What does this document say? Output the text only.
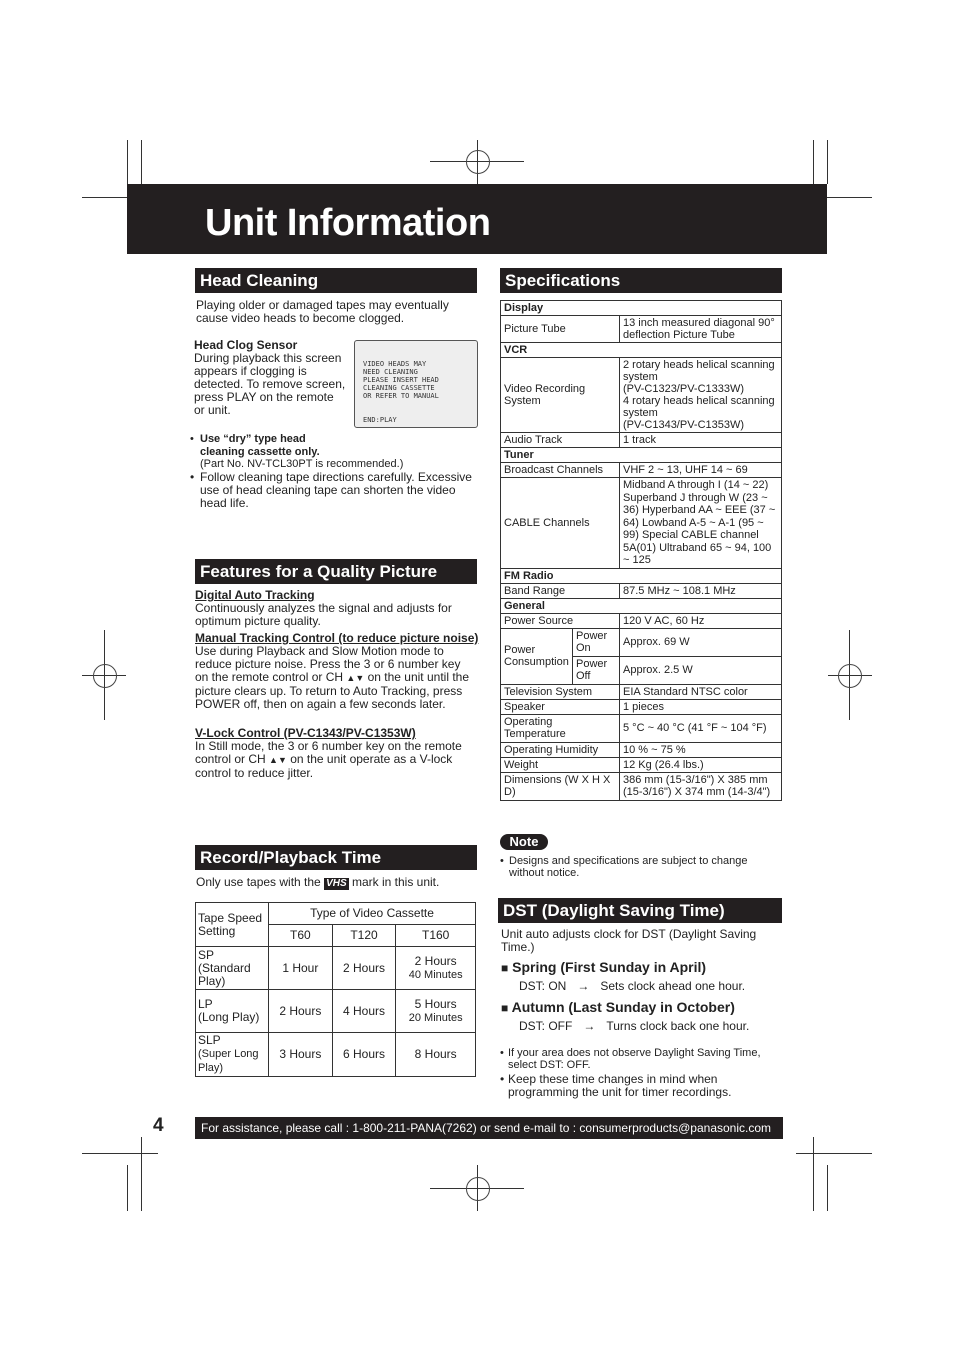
Unit Information
Head Cleaning
Playing older or damaged tapes may eventually cause video heads to become clogged.
Head Clog Sensor
During playback this screen appears if clogging is detected. To remove screen, press PLAY on the remote or unit.
VIDEO HEADS MAY
NEED CLEANING
PLEASE INSERT HEAD
CLEANING CASSETTE
OR REFER TO MANUAL
END:PLAY
• Use “dry” type head cleaning cassette only.
(Part No. NV-TCL30PT is recommended.)
• Follow cleaning tape directions carefully. Excessive use of head cleaning tape can shorten the video head life.
Features for a Quality Picture
Digital Auto Tracking
Continuously analyzes the signal and adjusts for optimum picture quality.
Manual Tracking Control (to reduce picture noise)
Use during Playback and Slow Motion mode to reduce picture noise. Press the 3 or 6 number key on the remote control or CH ▲▼ on the unit until the picture clears up. To return to Auto Tracking, press POWER off, then on again a few seconds later.
V-Lock Control (PV-C1343/PV-C1353W)
In Still mode, the 3 or 6 number key on the remote control or CH ▲▼ on the unit operate as a V-lock control to reduce jitter.
Record/Playback Time
Only use tapes with the VHS mark in this unit.
Tape Speed Setting	Type of Video Cassette		
	T60	T120	T160
SP
(Standard Play)	1 Hour	2 Hours	2 Hours
40 Minutes
LP
(Long Play)	2 Hours	4 Hours	5 Hours
20 Minutes
SLP
(Super Long Play)	3 Hours	6 Hours	8 Hours
Specifications
Display		
Picture Tube		13 inch measured diagonal 90° deflection Picture Tube
VCR		
Video Recording System		2 rotary heads helical scanning system
(PV-C1323/PV-C1333W)
4 rotary heads helical scanning system
(PV-C1343/PV-C1353W)
Audio Track		1 track
Tuner		
Broadcast Channels		VHF 2 ~ 13, UHF 14 ~ 69
CABLE Channels		Midband A through I (14 ~ 22) Superband J through W (23 ~ 36) Hyperband AA ~ EEE (37 ~ 64) Lowband A-5 ~ A-1 (95 ~ 99) Special CABLE channel 5A(01) Ultraband 65 ~ 94, 100 ~ 125
FM Radio		
Band Range		87.5 MHz ~ 108.1 MHz
General		
Power Source		120 V AC, 60 Hz
Power Consumption	Power On	Approx. 69 W
	Power Off	Approx. 2.5 W
Television System		EIA Standard NTSC color
Speaker		1 pieces
Operating Temperature		5 °C ~ 40 °C (41 °F ~ 104 °F)
Operating Humidity		10 % ~ 75 %
Weight		12 Kg (26.4 lbs.)
Dimensions (W X H X D)		386 mm (15-3/16") X 385 mm (15-3/16") X 374 mm (14-3/4")
Note
• Designs and specifications are subject to change without notice.
DST (Daylight Saving Time)
Unit auto adjusts clock for DST (Daylight Saving Time.)
■ Spring (First Sunday in April)
DST: ON → Sets clock ahead one hour.
■ Autumn (Last Sunday in October)
DST: OFF → Turns clock back one hour.
• If your area does not observe Daylight Saving Time, select DST: OFF.
• Keep these time changes in mind when programming the unit for timer recordings.
4	For assistance, please call : 1-800-211-PANA(7262) or send e-mail to : consumerproducts@panasonic.com
